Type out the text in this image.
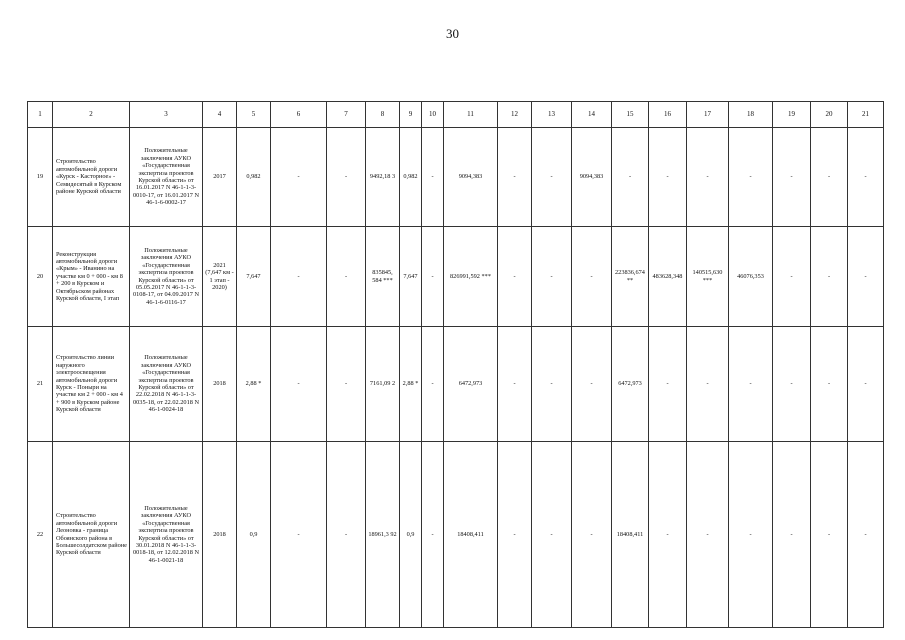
30
1	2	3	4	5	6	7	8	9	10	11	12	13	14	15	16	17	18	19	20	21
19	Строительство автомобильной дороги «Курск - Касторное» - Семидесятый в Курском районе Курской области	Положительные заключения АУКО «Государственная экспертиза проектов Курской области» от 16.01.2017 N 46-1-1-3-0010-17, от 16.01.2017 N 46-1-6-0002-17	2017	0,982	-	-	9492,18 3	0,982	-	9094,383	-	-	9094,383	-	-	-	-	-	-	-
20	Реконструкция автомобильной дороги «Крым» - Иванино на участке км 0 + 000 - км 8 + 200 в Курском и Октябрьском районах Курской области, I этап	Положительные заключения АУКО «Государственная экспертиза проектов Курской области» от 05.05.2017 N 46-1-1-3-0108-17, от 04.09.2017 N 46-1-6-0116-17	2021 (7,647 км - 1 этап - 2020)	7,647	-	-	835845, 584 ***	7,647	-	826991,592 ***	-	-	-	223836,674 **	483628,348	140515,630 ***	46076,353	-	-	-
21	Строительство линии наружного электроосвещения автомобильной дороги Курск - Поныри на участке км 2 + 000 - км 4 + 900 в Курском районе Курской области	Положительные заключения АУКО «Государственная экспертиза проектов Курской области» от 22.02.2018 N 46-1-1-3-0035-18, от 22.02.2018 N 46-1-0024-18	2018	2,88 *	-	-	7161,09 2	2,88 *	-	6472,973	-	-	-	6472,973	-	-	-	-	-	-
22	Строительство автомобильной дороги Леоновка - граница Обоянского района в Большесолдатском районе Курской области	Положительные заключения АУКО «Государственная экспертиза проектов Курской области» от 30.01.2018 N 46-1-1-3-0018-18, от 12.02.2018 N 46-1-0021-18	2018	0,9	-	-	18961,3 92	0,9	-	18408,411	-	-	-	18408,411	-	-	-	-	-	-
